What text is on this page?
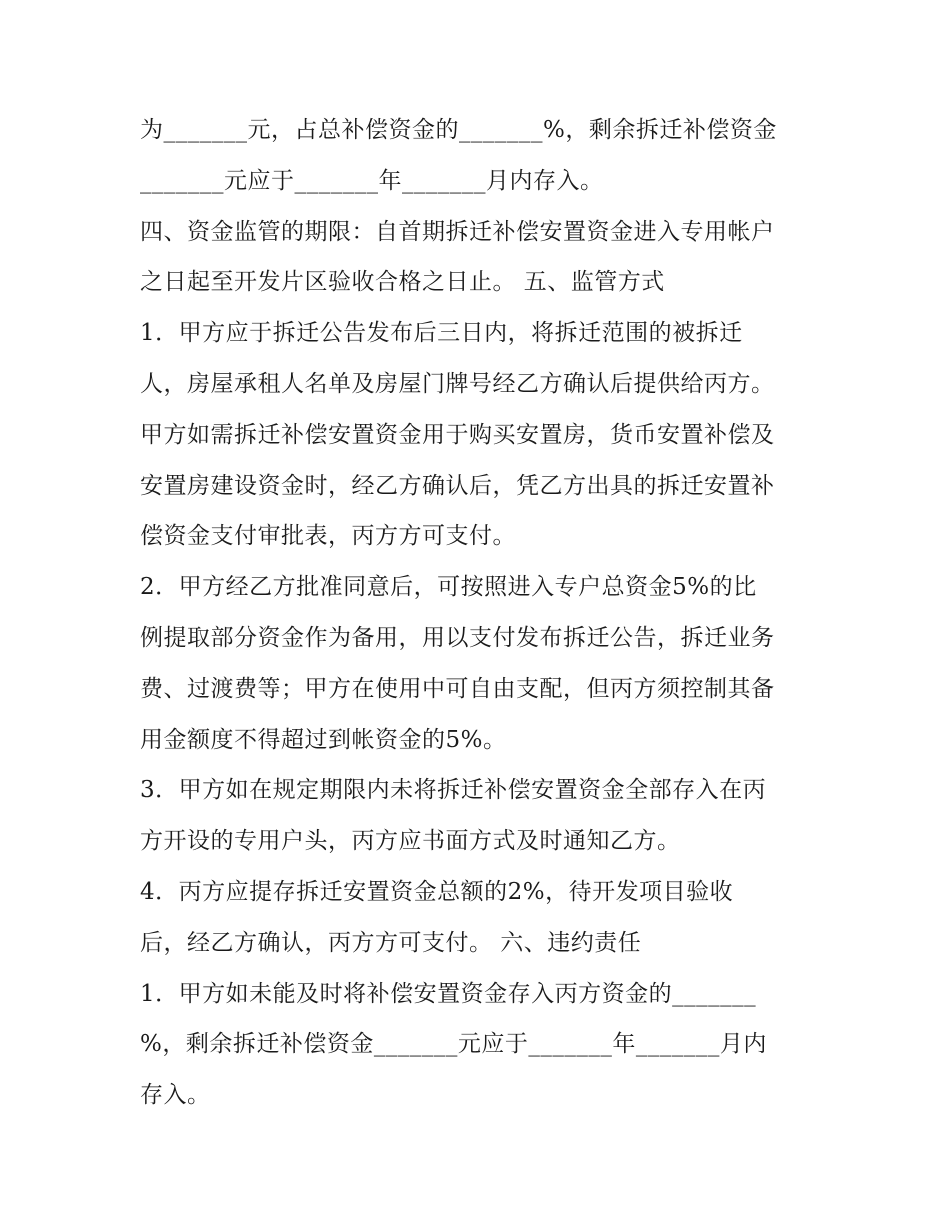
为_______元，占总补偿资金的_______%，剩余拆迁补偿资金
_______元应于_______年_______月内存入。
四、资金监管的期限：自首期拆迁补偿安置资金进入专用帐户
之日起至开发片区验收合格之日止。 五、监管方式
1．甲方应于拆迁公告发布后三日内，将拆迁范围的被拆迁
人，房屋承租人名单及房屋门牌号经乙方确认后提供给丙方。
甲方如需拆迁补偿安置资金用于购买安置房，货币安置补偿及
安置房建设资金时，经乙方确认后，凭乙方出具的拆迁安置补
偿资金支付审批表，丙方方可支付。
2．甲方经乙方批准同意后，可按照进入专户总资金5%的比
例提取部分资金作为备用，用以支付发布拆迁公告，拆迁业务
费、过渡费等；甲方在使用中可自由支配，但丙方须控制其备
用金额度不得超过到帐资金的5%。
3．甲方如在规定期限内未将拆迁补偿安置资金全部存入在丙
方开设的专用户头，丙方应书面方式及时通知乙方。
4．丙方应提存拆迁安置资金总额的2%，待开发项目验收
后，经乙方确认，丙方方可支付。 六、违约责任
1．甲方如未能及时将补偿安置资金存入丙方资金的_______
%，剩余拆迁补偿资金_______元应于_______年_______月内
存入。
